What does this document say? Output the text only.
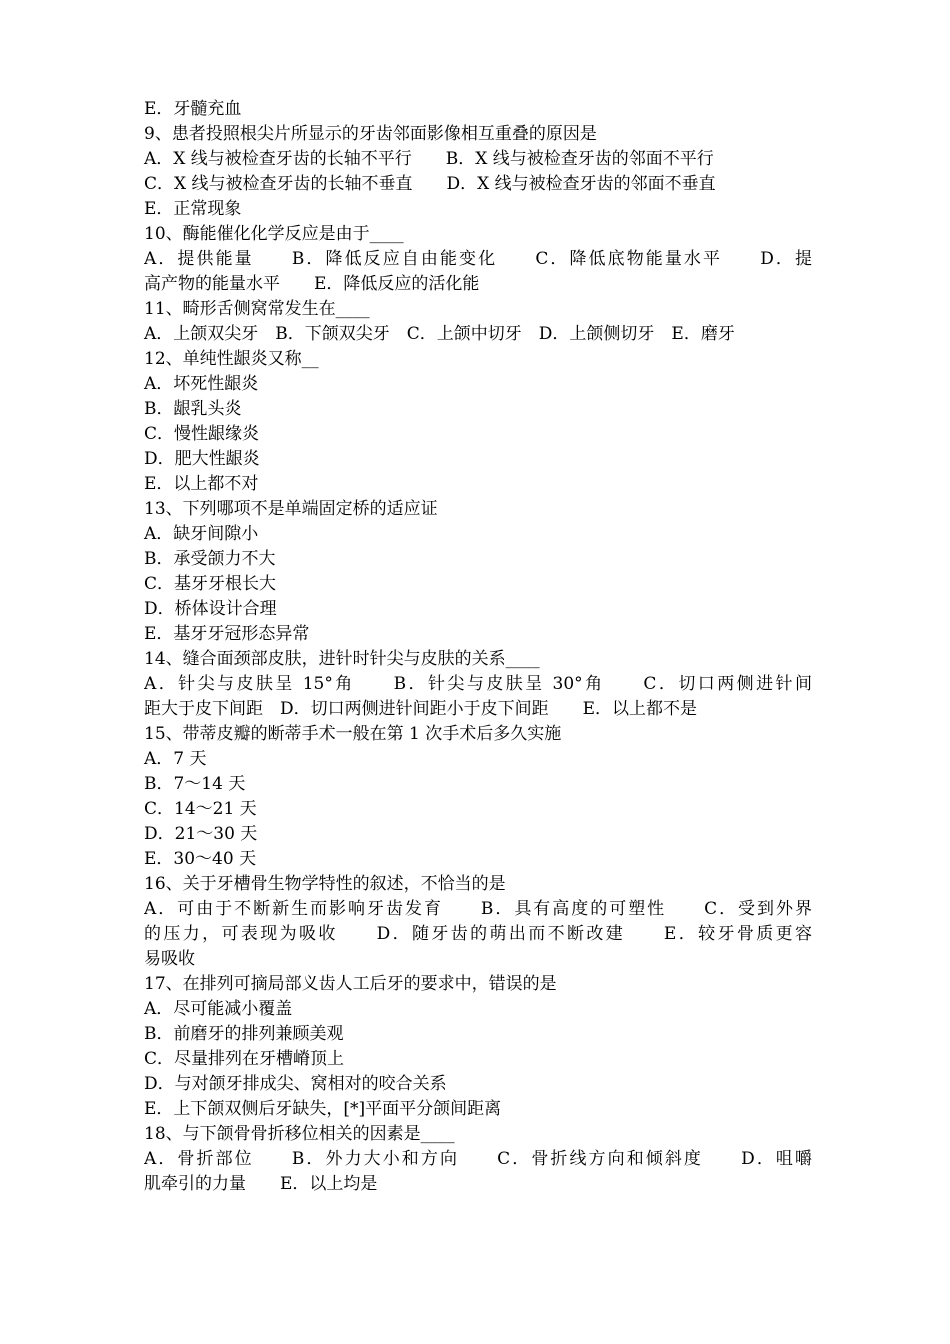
E．牙髓充血
9、患者投照根尖片所显示的牙齿邻面影像相互重叠的原因是
A．X 线与被检查牙齿的长轴不平行　　B．X 线与被检查牙齿的邻面不平行
C．X 线与被检查牙齿的长轴不垂直　　D．X 线与被检查牙齿的邻面不垂直
E．正常现象
10、酶能催化化学反应是由于____
A．提供能量　　B．降低反应自由能变化　　C．降低底物能量水平　　D．提
高产物的能量水平　　E．降低反应的活化能
11、畸形舌侧窝常发生在____
A．上颌双尖牙　B．下颌双尖牙　C．上颌中切牙　D．上颌侧切牙　E．磨牙
12、单纯性龈炎又称__
A．坏死性龈炎
B．龈乳头炎
C．慢性龈缘炎
D．肥大性龈炎
E．以上都不对
13、下列哪项不是单端固定桥的适应证
A．缺牙间隙小
B．承受颌力不大
C．基牙牙根长大
D．桥体设计合理
E．基牙牙冠形态异常
14、缝合面颈部皮肤，进针时针尖与皮肤的关系____
A．针尖与皮肤呈 15°角　　B．针尖与皮肤呈 30°角　　C．切口两侧进针间
距大于皮下间距　D．切口两侧进针间距小于皮下间距　　E．以上都不是
15、带蒂皮瓣的断蒂手术一般在第 1 次手术后多久实施
A．7 天
B．7～14 天
C．14～21 天
D．21～30 天
E．30～40 天
16、关于牙槽骨生物学特性的叙述，不恰当的是
A．可由于不断新生而影响牙齿发育　　B．具有高度的可塑性　　C．受到外界
的压力，可表现为吸收　　D．随牙齿的萌出而不断改建　　E．较牙骨质更容
易吸收
17、在排列可摘局部义齿人工后牙的要求中，错误的是
A．尽可能减小覆盖
B．前磨牙的排列兼顾美观
C．尽量排列在牙槽嵴顶上
D．与对颌牙排成尖、窝相对的咬合关系
E．上下颌双侧后牙缺失，[*]平面平分颌间距离
18、与下颌骨骨折移位相关的因素是____
A．骨折部位　　B．外力大小和方向　　C．骨折线方向和倾斜度　　D．咀嚼
肌牵引的力量　　E．以上均是
